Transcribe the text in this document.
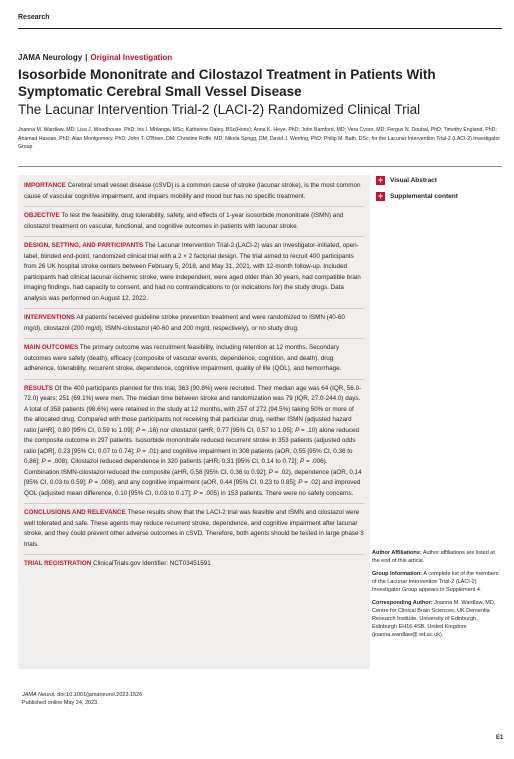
Research
JAMA Neurology | Original Investigation
Isosorbide Mononitrate and Cilostazol Treatment in Patients With Symptomatic Cerebral Small Vessel Disease
The Lacunar Intervention Trial-2 (LACI-2) Randomized Clinical Trial
Joanna M. Wardlaw, MD; Lisa J. Woodhouse, PhD; Iris I. Mhlanga, MSc; Katherine Oatey, BSc(Hons); Anna K. Heye, PhD; John Bamford, MD; Vera Cvoro, MD; Fergus N. Doubal, PhD; Timothy England, PhD; Ahamad Hassan, PhD; Alan Montgomery, PhD; John T. O'Brien, DM; Christine Roffe, MD; Nikola Sprigg, DM; David J. Werring, PhD; Philip M. Bath, DSc; for the Lacunar Intervention Trial-2 (LACI-2) Investigator Group

IMPORTANCE Cerebral small vessel disease (cSVD) is a common cause of stroke (lacunar stroke), is the most common cause of vascular cognitive impairment, and impairs mobility and mood but has no specific treatment.

OBJECTIVE To test the feasibility, drug tolerability, safety, and effects of 1-year isosorbide mononitrate (ISMN) and cilostazol treatment on vascular, functional, and cognitive outcomes in patients with lacunar stroke.

DESIGN, SETTING, AND PARTICIPANTS The Lacunar Intervention Trial-2 (LACI-2) was an investigator-initiated, open-label, blinded end-point, randomized clinical trial with a 2 × 2 factorial design. The trial aimed to recruit 400 participants from 26 UK hospital stroke centers between February 5, 2018, and May 31, 2021, with 12-month follow-up. Included participants had clinical lacunar ischemic stroke, were independent, were aged older than 30 years, had compatible brain imaging findings, had capacity to consent, and had no contraindications to (or indications for) the study drugs. Data analysis was performed on August 12, 2022.

INTERVENTIONS All patients received guideline stroke prevention treatment and were randomized to ISMN (40-60 mg/d), cilostazol (200 mg/d), ISMN-cilostazol (40-60 and 200 mg/d, respectively), or no study drug.

MAIN OUTCOMES The primary outcome was recruitment feasibility, including retention at 12 months. Secondary outcomes were safety (death), efficacy (composite of vascular events, dependence, cognition, and death), drug adherence, tolerability, recurrent stroke, dependence, cognitive impairment, quality of life (QOL), and hemorrhage.

RESULTS Of the 400 participants planned for this trial, 363 (90.8%) were recruited. Their median age was 64 (IQR, 56.0-72.0) years; 251 (69.1%) were men. The median time between stroke and randomization was 79 (IQR, 27.0-244.0) days. A total of 358 patients (98.6%) were retained in the study at 12 months, with 257 of 272 (94.5%) taking 50% or more of the allocated drug. Compared with those participants not receiving that particular drug, neither ISMN (adjusted hazard ratio [aHR], 0.80 [95% CI, 0.59 to 1.09]; P = .16) nor cilostazol (aHR, 0.77 [95% CI, 0.57 to 1.05]; P = .10) alone reduced the composite outcome in 297 patients. Isosorbide mononitrate reduced recurrent stroke in 353 patients (adjusted odds ratio [aOR], 0.23 [95% CI, 0.07 to 0.74]; P = .01) and cognitive impairment in 308 patients (aOR, 0.55 [95% CI, 0.36 to 0.86]; P = .008). Cilostazol reduced dependence in 320 patients (aHR, 0.31 [95% CI, 0.14 to 0.72]; P = .006). Combination ISMN-cilostazol reduced the composite (aHR, 0.58 [95% CI, 0.36 to 0.92]; P = .02), dependence (aOR, 0.14 [95% CI, 0.03 to 0.59]; P = .008), and any cognitive impairment (aOR, 0.44 [95% CI, 0.23 to 0.85]; P = .02) and improved QOL (adjusted mean difference, 0.10 [95% CI, 0.03 to 0.17]; P = .005) in 153 patients. There were no safety concerns.

CONCLUSIONS AND RELEVANCE These results show that the LACI-2 trial was feasible and ISMN and cilostazol were well tolerated and safe. These agents may reduce recurrent stroke, dependence, and cognitive impairment after lacunar stroke, and they could prevent other adverse outcomes in cSVD. Therefore, both agents should be tested in large phase 3 trials.

TRIAL REGISTRATION ClinicalTrials.gov Identifier: NCT03451591

+ Visual Abstract
+ Supplemental content

Author Affiliations: Author affiliations are listed at the end of this article.

Group Information: A complete list of the members of the Lacunar Intervention Trial-2 (LACI-2) Investigator Group appears in Supplement 4.

Corresponding Author: Joanna M. Wardlaw, MD, Centre for Clinical Brain Sciences, UK Dementia Research Institute, University of Edinburgh, Edinburgh EH16 4SB, United Kingdom (joanna.wardlaw@ ed.ac.uk).

JAMA Neurol. doi:10.1001/jamaneurol.2023.1526
Published online May 24, 2023.
E1
